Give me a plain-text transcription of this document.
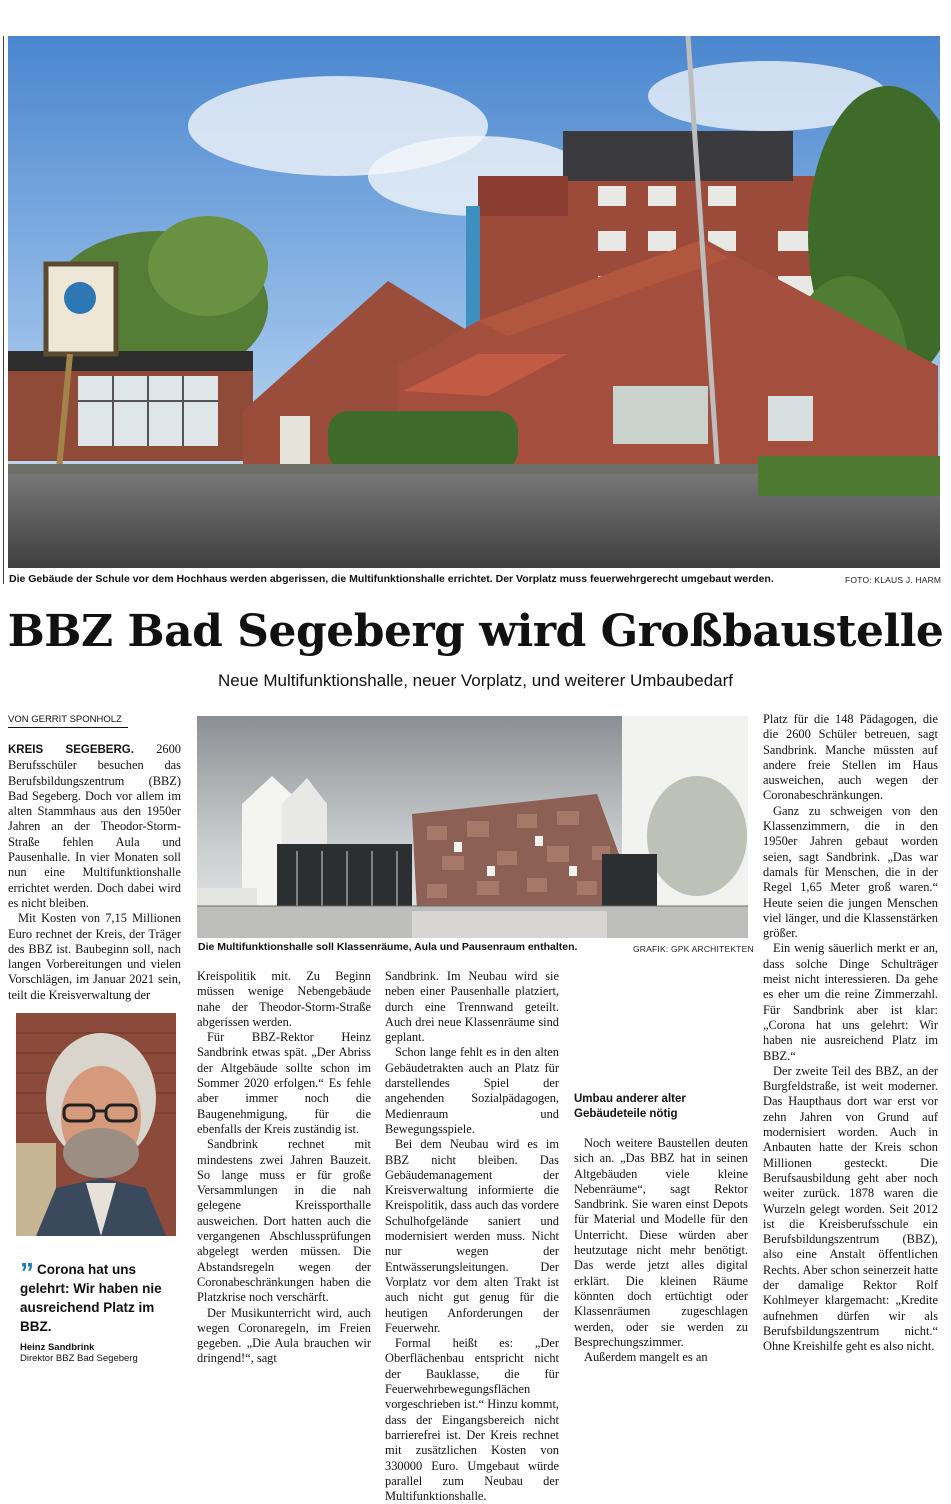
Die Gebäude der Schule vor dem Hochhaus werden abgerissen, die Multifunktionshalle errichtet. Der Vorplatz muss feuerwehrgerecht umgebaut werden.	FOTO: KLAUS J. HARM
BBZ Bad Segeberg wird Großbaustelle
Neue Multifunktionshalle, neuer Vorplatz, und weiterer Umbaubedarf
VON GERRIT SPONHOLZ

KREIS SEGEBERG. 2600 Berufsschüler besuchen das Berufsbildungszentrum (BBZ) Bad Segeberg. Doch vor allem im alten Stammhaus aus den 1950er Jahren an der Theodor-Storm-Straße fehlen Aula und Pausenhalle. In vier Monaten soll nun eine Multifunktionshalle errichtet werden. Doch dabei wird es nicht bleiben.

Mit Kosten von 7,15 Millionen Euro rechnet der Kreis, der Träger des BBZ ist. Baubeginn soll, nach langen Vorbereitungen und vielen Vorschlägen, im Januar 2021 sein, teilt die Kreisverwaltung der

Die Multifunktionshalle soll Klassenräume, Aula und Pausenraum enthalten.	GRAFIK: GPK ARCHITEKTEN

Kreispolitik mit. Zu Beginn müssen wenige Nebengebäude nahe der Theodor-Storm-Straße abgerissen werden.

Für BBZ-Rektor Heinz Sandbrink etwas spät. „Der Abriss der Altgebäude sollte schon im Sommer 2020 erfolgen.“ Es fehle aber immer noch die Baugenehmigung, für die ebenfalls der Kreis zuständig ist.

Sandbrink rechnet mit mindestens zwei Jahren Bauzeit. So lange muss er für große Versammlungen in die nah gelegene Kreissporthalle ausweichen. Dort hatten auch die vergangenen Abschlussprüfungen abgelegt werden müssen. Die Abstandsregeln wegen der Coronabeschränkungen haben die Platzkrise noch verschärft.

Der Musikunterricht wird, auch wegen Coronaregeln, im Freien gegeben. „Die Aula brauchen wir dringend!“, sagt

Sandbrink. Im Neubau wird sie neben einer Pausenhalle platziert, durch eine Trennwand geteilt. Auch drei neue Klassenräume sind geplant.

Schon lange fehlt es in den alten Gebäudetrakten auch an Platz für darstellendes Spiel der angehenden Sozialpädagogen, Medienraum und Bewegungsspiele.

Bei dem Neubau wird es im BBZ nicht bleiben. Das Gebäudemanagement der Kreisverwaltung informierte die Kreispolitik, dass auch das vordere Schulhofgelände saniert und modernisiert werden muss. Nicht nur wegen der Entwässerungsleitungen. Der Vorplatz vor dem alten Trakt ist auch nicht gut genug für die heutigen Anforderungen der Feuerwehr.

Formal heißt es: „Der Oberflächenbau entspricht nicht der Bauklasse, die für Feuerwehrbewegungsflächen vorgeschrieben ist.“ Hinzu kommt, dass der Eingangsbereich nicht barrierefrei ist. Der Kreis rechnet mit zusätzlichen Kosten von 330000 Euro. Umgebaut würde parallel zum Neubau der Multifunktionshalle.

Umbau anderer alter Gebäudeteile nötig

Noch weitere Baustellen deuten sich an. „Das BBZ hat in seinen Altgebäuden viele kleine Nebenräume“, sagt Rektor Sandbrink. Sie waren einst Depots für Material und Modelle für den Unterricht. Diese würden aber heutzutage nicht mehr benötigt. Das werde jetzt alles digital erklärt. Die kleinen Räume könnten doch ertüchtigt oder Klassenräumen zugeschlagen werden, oder sie werden zu Besprechungszimmer.

Außerdem mangelt es an

Platz für die 148 Pädagogen, die die 2600 Schüler betreuen, sagt Sandbrink. Manche müssten auf andere freie Stellen im Haus ausweichen, auch wegen der Coronabeschränkungen.

Ganz zu schweigen von den Klassenzimmern, die in den 1950er Jahren gebaut worden seien, sagt Sandbrink. „Das war damals für Menschen, die in der Regel 1,65 Meter groß waren.“ Heute seien die jungen Menschen viel länger, und die Klassenstärken größer.

Ein wenig säuerlich merkt er an, dass solche Dinge Schulträger meist nicht interessieren. Da gehe es eher um die reine Zimmerzahl. Für Sandbrink aber ist klar: „Corona hat uns gelehrt: Wir haben nie ausreichend Platz im BBZ.“

Der zweite Teil des BBZ, an der Burgfeldstraße, ist weit moderner. Das Haupthaus dort war erst vor zehn Jahren von Grund auf modernisiert worden. Auch in Anbauten hatte der Kreis schon Millionen gesteckt. Die Berufsausbildung geht aber noch weiter zurück. 1878 waren die Wurzeln gelegt worden. Seit 2012 ist die Kreisberufsschule ein Berufsbildungszentrum (BBZ), also eine Anstalt öffentlichen Rechts. Aber schon seinerzeit hatte der damalige Rektor Rolf Kohlmeyer klargemacht: „Kredite aufnehmen dürfen wir als Berufsbildungszentrum nicht.“ Ohne Kreishilfe geht es also nicht.

” Corona hat uns gelehrt: Wir haben nie ausreichend Platz im BBZ.
Heinz Sandbrink
Direktor BBZ Bad Segeberg
